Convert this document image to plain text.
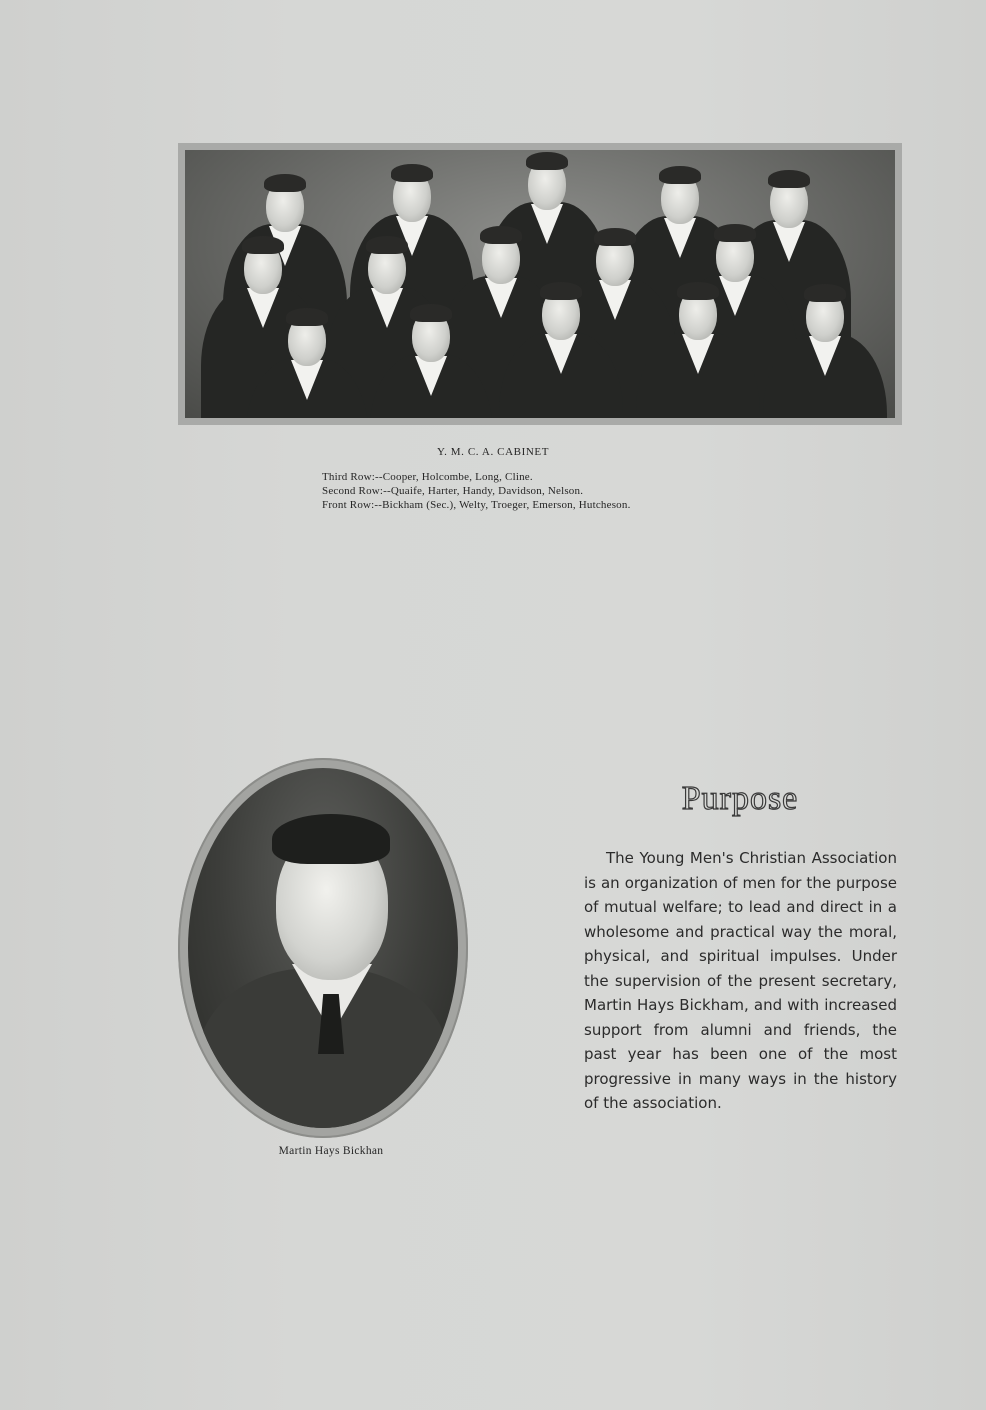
Y. M. C. A. CABINET
Third Row:--Cooper, Holcombe, Long, Cline.
Second Row:--Quaife, Harter, Handy, Davidson, Nelson.
Front Row:--Bickham (Sec.), Welty, Troeger, Emerson, Hutcheson.
Martin Hays Bickhan
Purpose

The Young Men's Christian Association is an organization of men for the purpose of mutual welfare; to lead and direct in a wholesome and practical way the moral, physical, and spiritual impulses. Under the supervision of the present secretary, Martin Hays Bickham, and with increased support from alumni and friends, the past year has been one of the most progressive in many ways in the history of the association.
